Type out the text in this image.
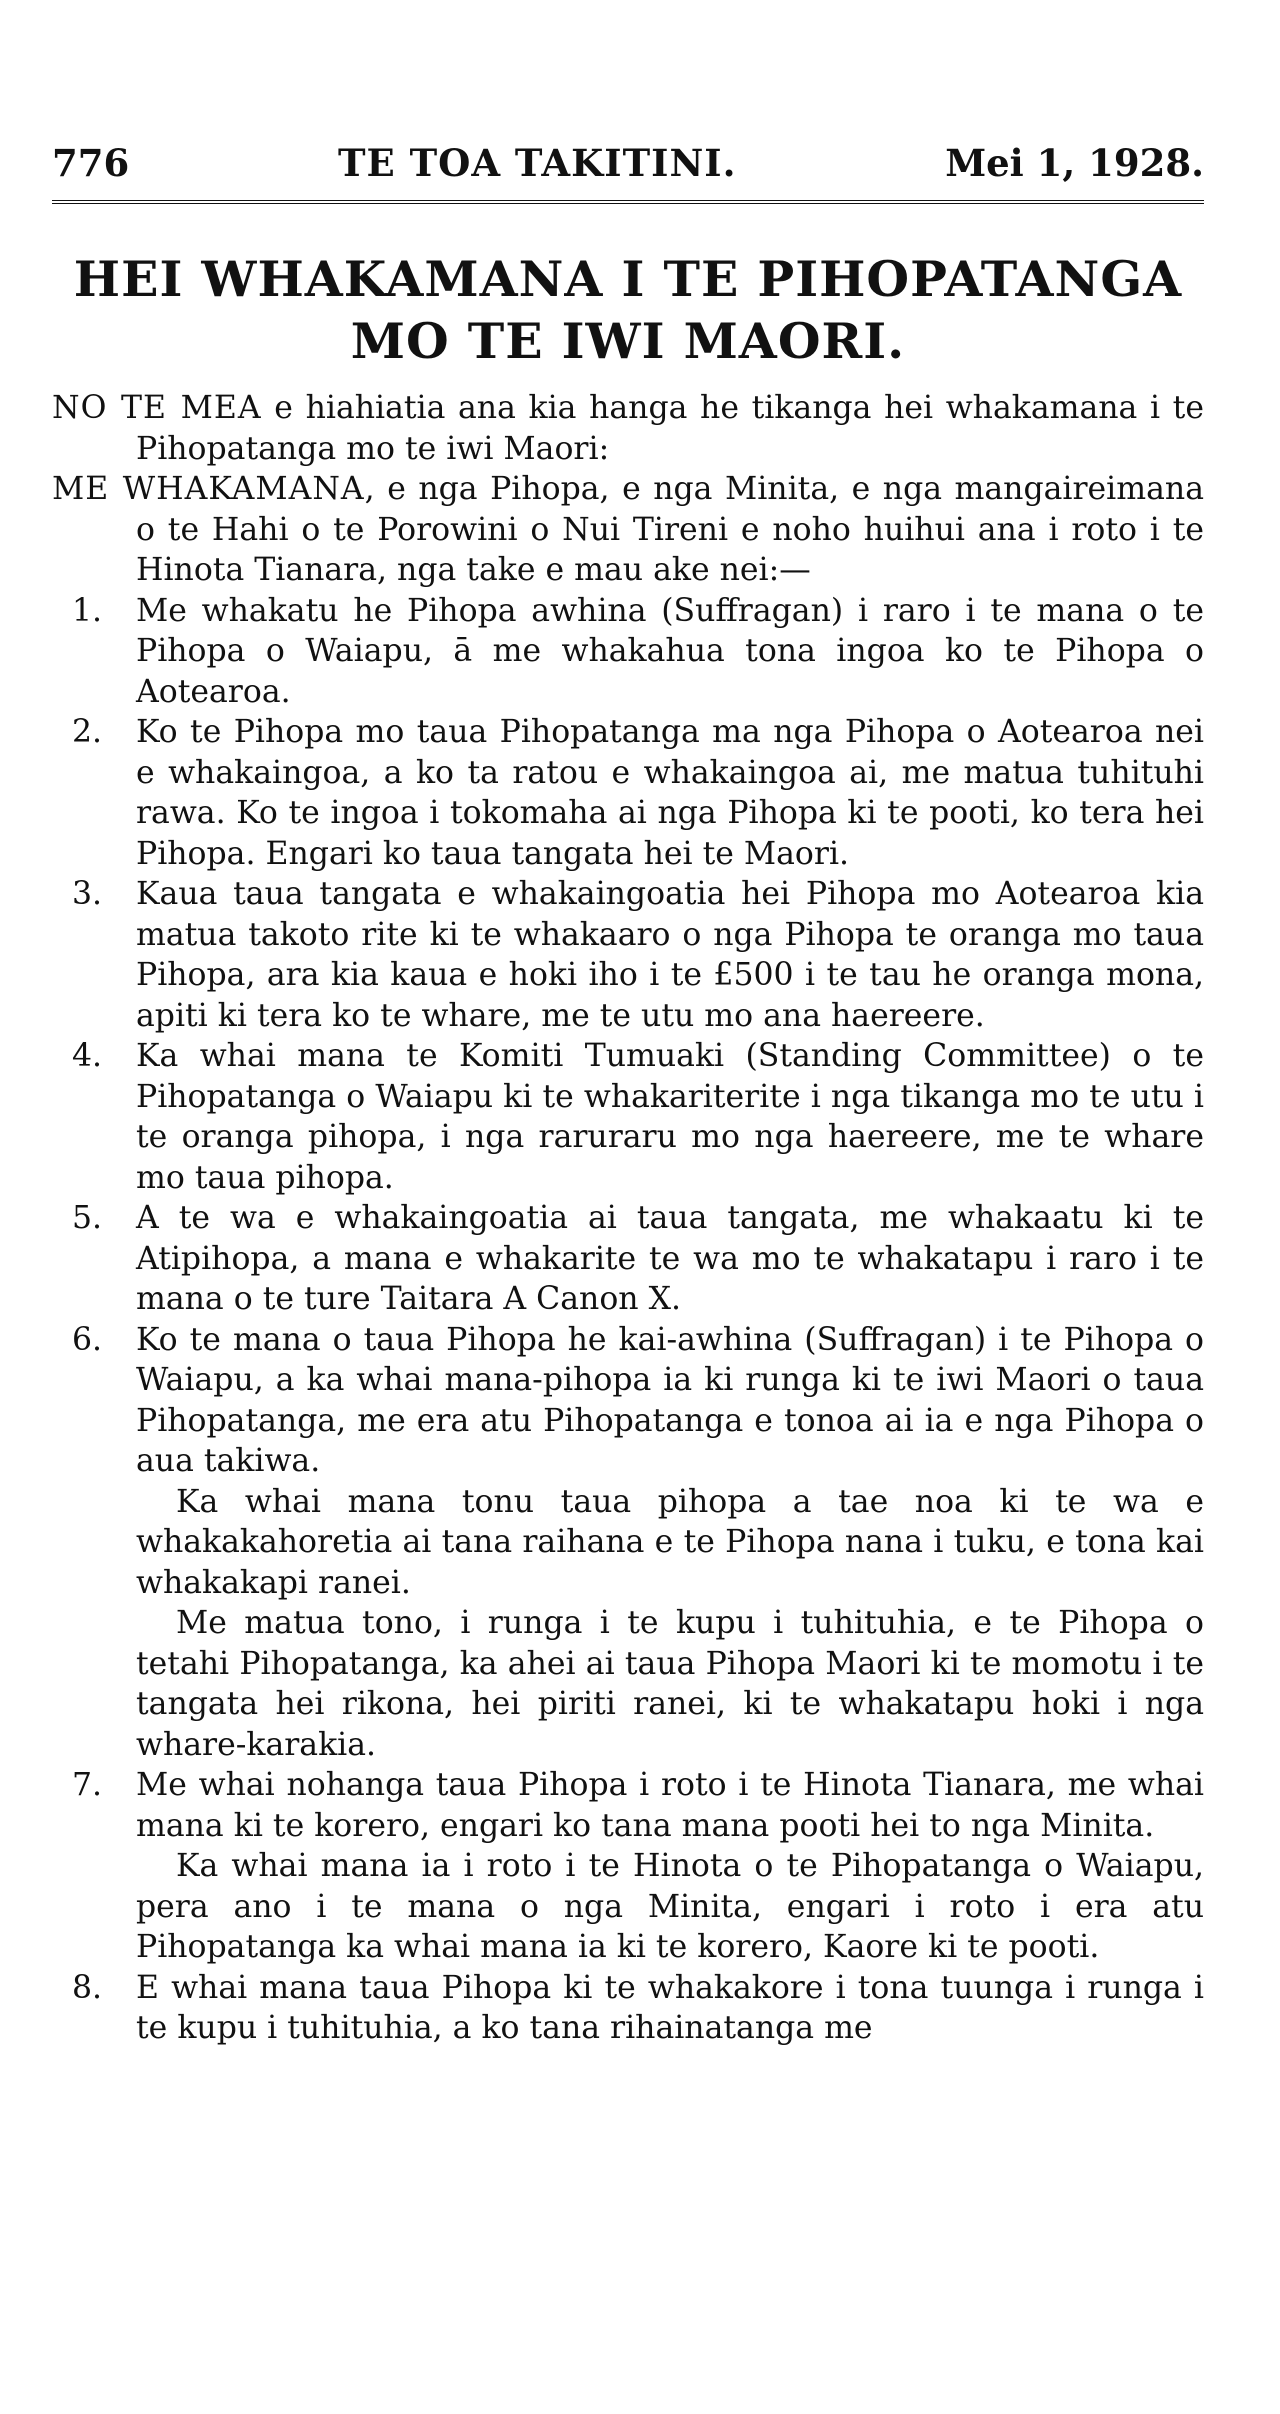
776	TE TOA TAKITINI.	Mei 1, 1928.
HEI WHAKAMANA I TE PIHOPATANGA MO TE IWI MAORI.

NO TE MEA e hiahiatia ana kia hanga he tikanga hei whakamana i te Pihopatanga mo te iwi Maori:

ME WHAKAMANA, e nga Pihopa, e nga Minita, e nga mangaireimana o te Hahi o te Porowini o Nui Tireni e noho huihui ana i roto i te Hinota Tianara, nga take e mau ake nei:—

1. Me whakatu he Pihopa awhina (Suffragan) i raro i te mana o te Pihopa o Waiapu, ā me whakahua tona ingoa ko te Pihopa o Aotearoa.

2. Ko te Pihopa mo taua Pihopatanga ma nga Pihopa o Aotearoa nei e whakaingoa, a ko ta ratou e whakaingoa ai, me matua tuhituhi rawa. Ko te ingoa i tokomaha ai nga Pihopa ki te pooti, ko tera hei Pihopa. Engari ko taua tangata hei te Maori.

3. Kaua taua tangata e whakaingoatia hei Pihopa mo Aotearoa kia matua takoto rite ki te whakaaro o nga Pihopa te oranga mo taua Pihopa, ara kia kaua e hoki iho i te £500 i te tau he oranga mona, apiti ki tera ko te whare, me te utu mo ana haereere.

4. Ka whai mana te Komiti Tumuaki (Standing Committee) o te Pihopatanga o Waiapu ki te whakariterite i nga tikanga mo te utu i te oranga pihopa, i nga raruraru mo nga haereere, me te whare mo taua pihopa.

5. A te wa e whakaingoatia ai taua tangata, me whakaatu ki te Atipihopa, a mana e whakarite te wa mo te whakatapu i raro i te mana o te ture Taitara A Canon X.

6. Ko te mana o taua Pihopa he kai-awhina (Suffragan) i te Pihopa o Waiapu, a ka whai mana-pihopa ia ki runga ki te iwi Maori o taua Pihopatanga, me era atu Pihopatanga e tonoa ai ia e nga Pihopa o aua takiwa.

Ka whai mana tonu taua pihopa a tae noa ki te wa e whakakahoretia ai tana raihana e te Pihopa nana i tuku, e tona kai whakakapi ranei.

Me matua tono, i runga i te kupu i tuhituhia, e te Pihopa o tetahi Pihopatanga, ka ahei ai taua Pihopa Maori ki te momotu i te tangata hei rikona, hei piriti ranei, ki te whakatapu hoki i nga whare-karakia.

7. Me whai nohanga taua Pihopa i roto i te Hinota Tianara, me whai mana ki te korero, engari ko tana mana pooti hei to nga Minita.

Ka whai mana ia i roto i te Hinota o te Pihopatanga o Waiapu, pera ano i te mana o nga Minita, engari i roto i era atu Pihopatanga ka whai mana ia ki te korero, Kaore ki te pooti.

8. E whai mana taua Pihopa ki te whakakore i tona tuunga i runga i te kupu i tuhituhia, a ko tana rihainatanga me
